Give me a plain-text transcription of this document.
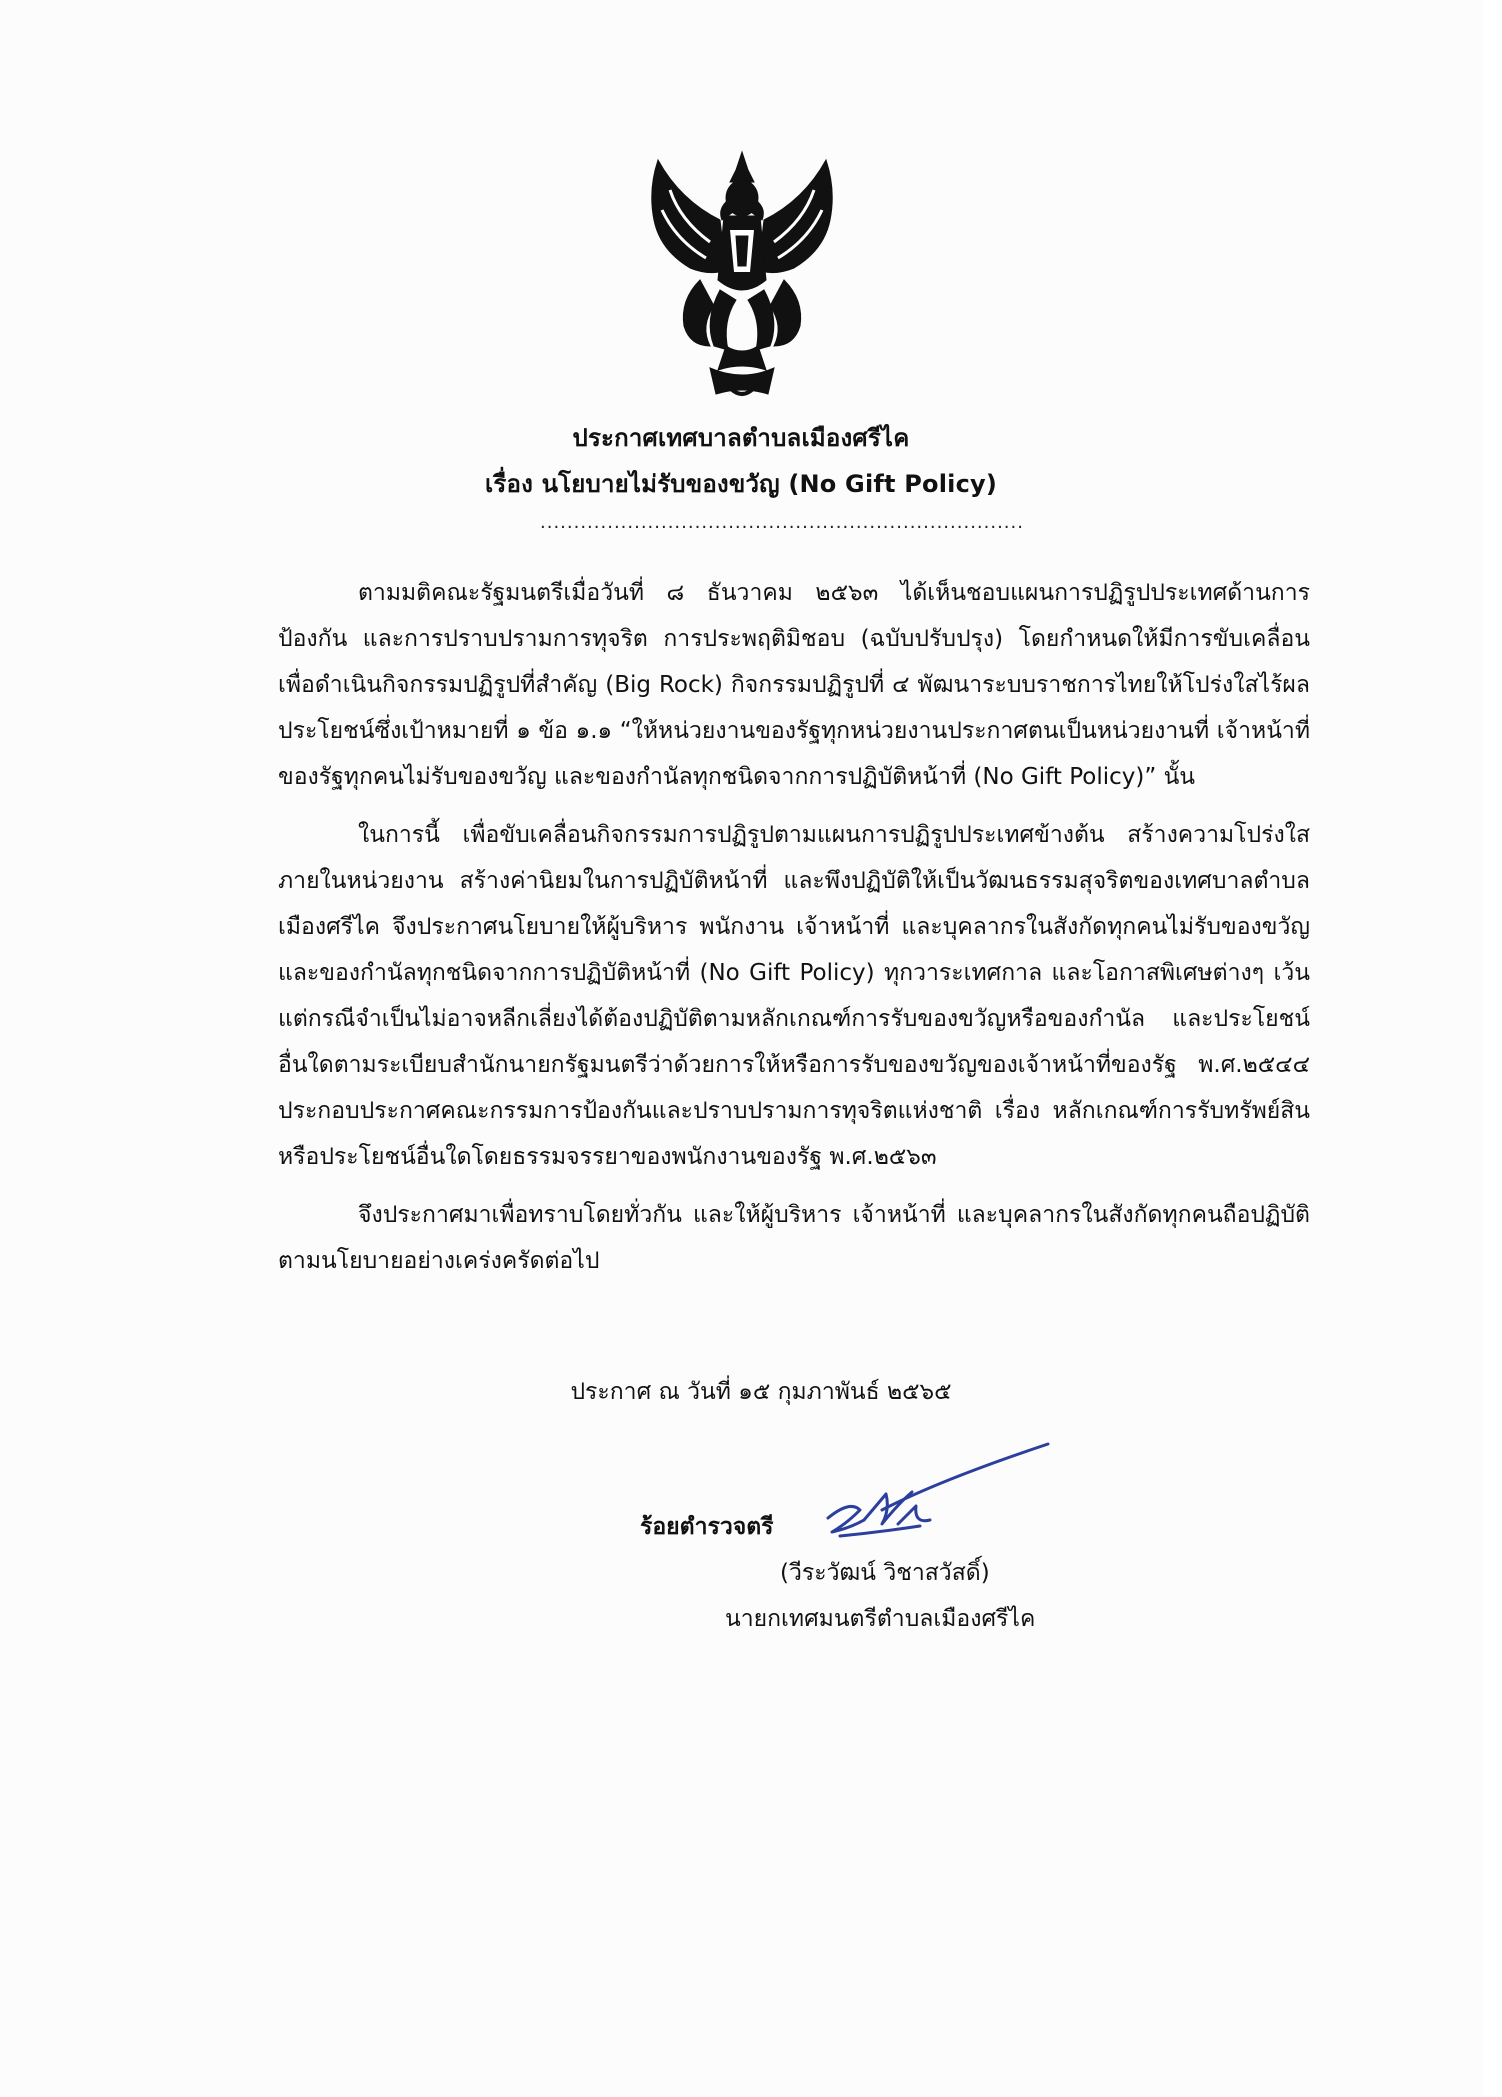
ประกาศเทศบาลตำบลเมืองศรีไค
เรื่อง นโยบายไม่รับของขวัญ (No Gift Policy)
........................................................................

ตามมติคณะรัฐมนตรีเมื่อวันที่ ๘ ธันวาคม ๒๕๖๓ ได้เห็นชอบแผนการปฏิรูปประเทศด้านการป้องกัน และการปราบปรามการทุจริต การประพฤติมิชอบ (ฉบับปรับปรุง) โดยกำหนดให้มีการขับเคลื่อนเพื่อดำเนินกิจกรรมปฏิรูปที่สำคัญ (Big Rock) กิจกรรมปฏิรูปที่ ๔ พัฒนาระบบราชการไทยให้โปร่งใสไร้ผลประโยชน์ซึ่งเป้าหมายที่ ๑ ข้อ ๑.๑ “ให้หน่วยงานของรัฐทุกหน่วยงานประกาศตนเป็นหน่วยงานที่ เจ้าหน้าที่ของรัฐทุกคนไม่รับของขวัญ และของกำนัลทุกชนิดจากการปฏิบัติหน้าที่ (No Gift Policy)” นั้น

ในการนี้ เพื่อขับเคลื่อนกิจกรรมการปฏิรูปตามแผนการปฏิรูปประเทศข้างต้น สร้างความโปร่งใสภายในหน่วยงาน สร้างค่านิยมในการปฏิบัติหน้าที่ และพึงปฏิบัติให้เป็นวัฒนธรรมสุจริตของเทศบาลตำบลเมืองศรีไค จึงประกาศนโยบายให้ผู้บริหาร พนักงาน เจ้าหน้าที่ และบุคลากรในสังกัดทุกคนไม่รับของขวัญ และของกำนัลทุกชนิดจากการปฏิบัติหน้าที่ (No Gift Policy) ทุกวาระเทศกาล และโอกาสพิเศษต่างๆ เว้นแต่กรณีจำเป็นไม่อาจหลีกเลี่ยงได้ต้องปฏิบัติตามหลักเกณฑ์การรับของขวัญหรือของกำนัล และประโยชน์อื่นใดตามระเบียบสำนักนายกรัฐมนตรีว่าด้วยการให้หรือการรับของขวัญของเจ้าหน้าที่ของรัฐ พ.ศ.๒๕๔๔ ประกอบประกาศคณะกรรมการป้องกันและปราบปรามการทุจริตแห่งชาติ เรื่อง หลักเกณฑ์การรับทรัพย์สินหรือประโยชน์อื่นใดโดยธรรมจรรยาของพนักงานของรัฐ พ.ศ.๒๕๖๓

จึงประกาศมาเพื่อทราบโดยทั่วกัน และให้ผู้บริหาร เจ้าหน้าที่ และบุคลากรในสังกัดทุกคนถือปฏิบัติตามนโยบายอย่างเคร่งครัดต่อไป

ประกาศ ณ วันที่ ๑๕ กุมภาพันธ์ ๒๕๖๕
ร้อยตำรวจตรี
(วีระวัฒน์ วิชาสวัสดิ์)
นายกเทศมนตรีตำบลเมืองศรีไค
